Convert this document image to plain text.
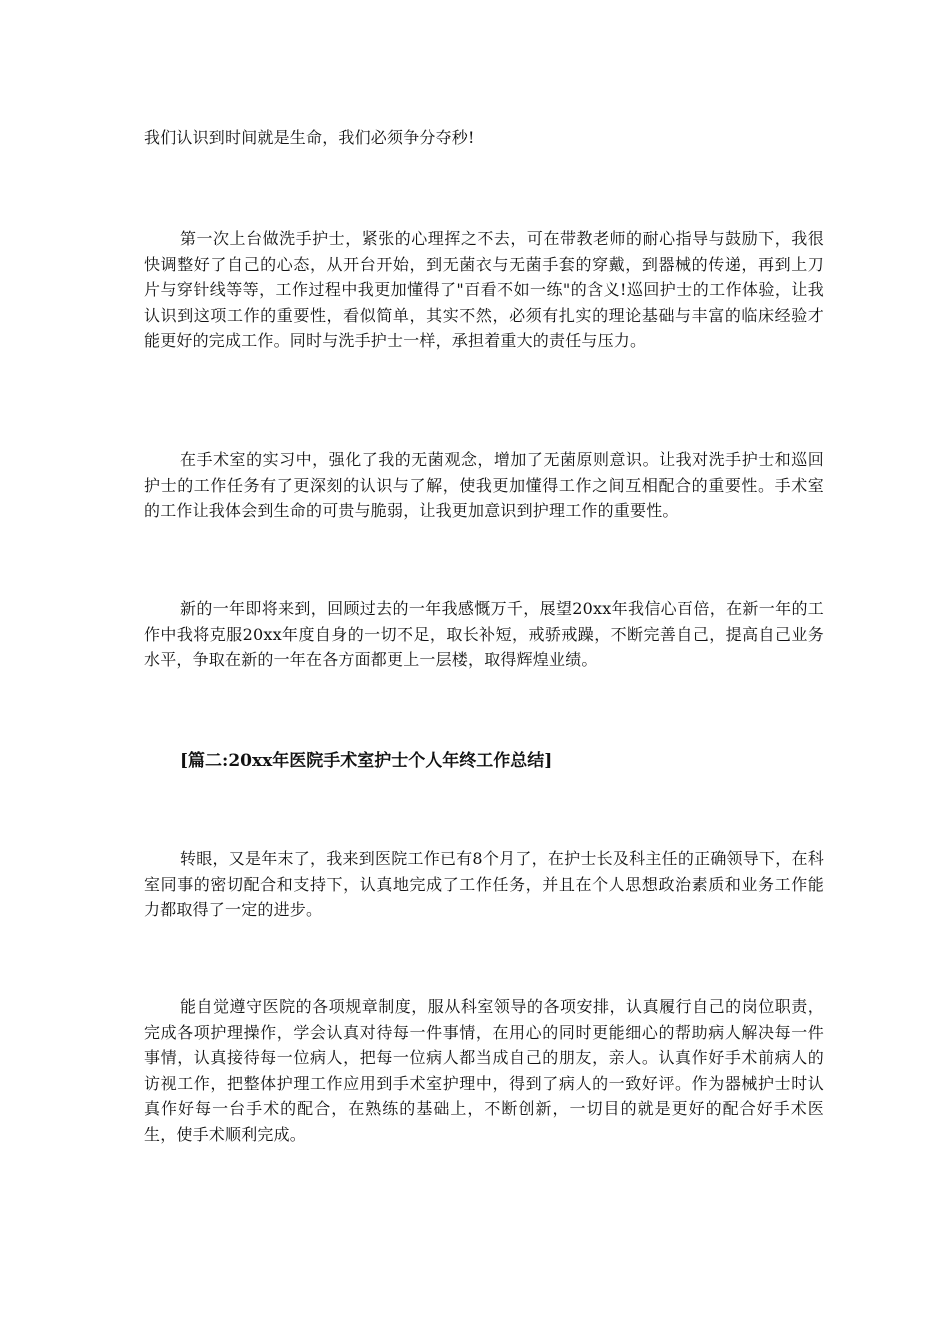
我们认识到时间就是生命，我们必须争分夺秒!

第一次上台做洗手护士，紧张的心理挥之不去，可在带教老师的耐心指导与鼓励下，我很快调整好了自己的心态，从开台开始，到无菌衣与无菌手套的穿戴，到器械的传递，再到上刀片与穿针线等等，工作过程中我更加懂得了"百看不如一练"的含义!巡回护士的工作体验，让我认识到这项工作的重要性，看似简单，其实不然，必须有扎实的理论基础与丰富的临床经验才能更好的完成工作。同时与洗手护士一样，承担着重大的责任与压力。

在手术室的实习中，强化了我的无菌观念，增加了无菌原则意识。让我对洗手护士和巡回护士的工作任务有了更深刻的认识与了解，使我更加懂得工作之间互相配合的重要性。手术室的工作让我体会到生命的可贵与脆弱，让我更加意识到护理工作的重要性。

新的一年即将来到，回顾过去的一年我感慨万千，展望20xx年我信心百倍，在新一年的工作中我将克服20xx年度自身的一切不足，取长补短，戒骄戒躁，不断完善自己，提高自己业务水平，争取在新的一年在各方面都更上一层楼，取得辉煌业绩。

[篇二:20xx年医院手术室护士个人年终工作总结]

转眼，又是年末了，我来到医院工作已有8个月了，在护士长及科主任的正确领导下，在科室同事的密切配合和支持下，认真地完成了工作任务，并且在个人思想政治素质和业务工作能力都取得了一定的进步。

能自觉遵守医院的各项规章制度，服从科室领导的各项安排，认真履行自己的岗位职责，完成各项护理操作，学会认真对待每一件事情，在用心的同时更能细心的帮助病人解决每一件事情，认真接待每一位病人，把每一位病人都当成自己的朋友，亲人。认真作好手术前病人的访视工作，把整体护理工作应用到手术室护理中，得到了病人的一致好评。作为器械护士时认真作好每一台手术的配合，在熟练的基础上，不断创新，一切目的就是更好的配合好手术医生，使手术顺利完成。
